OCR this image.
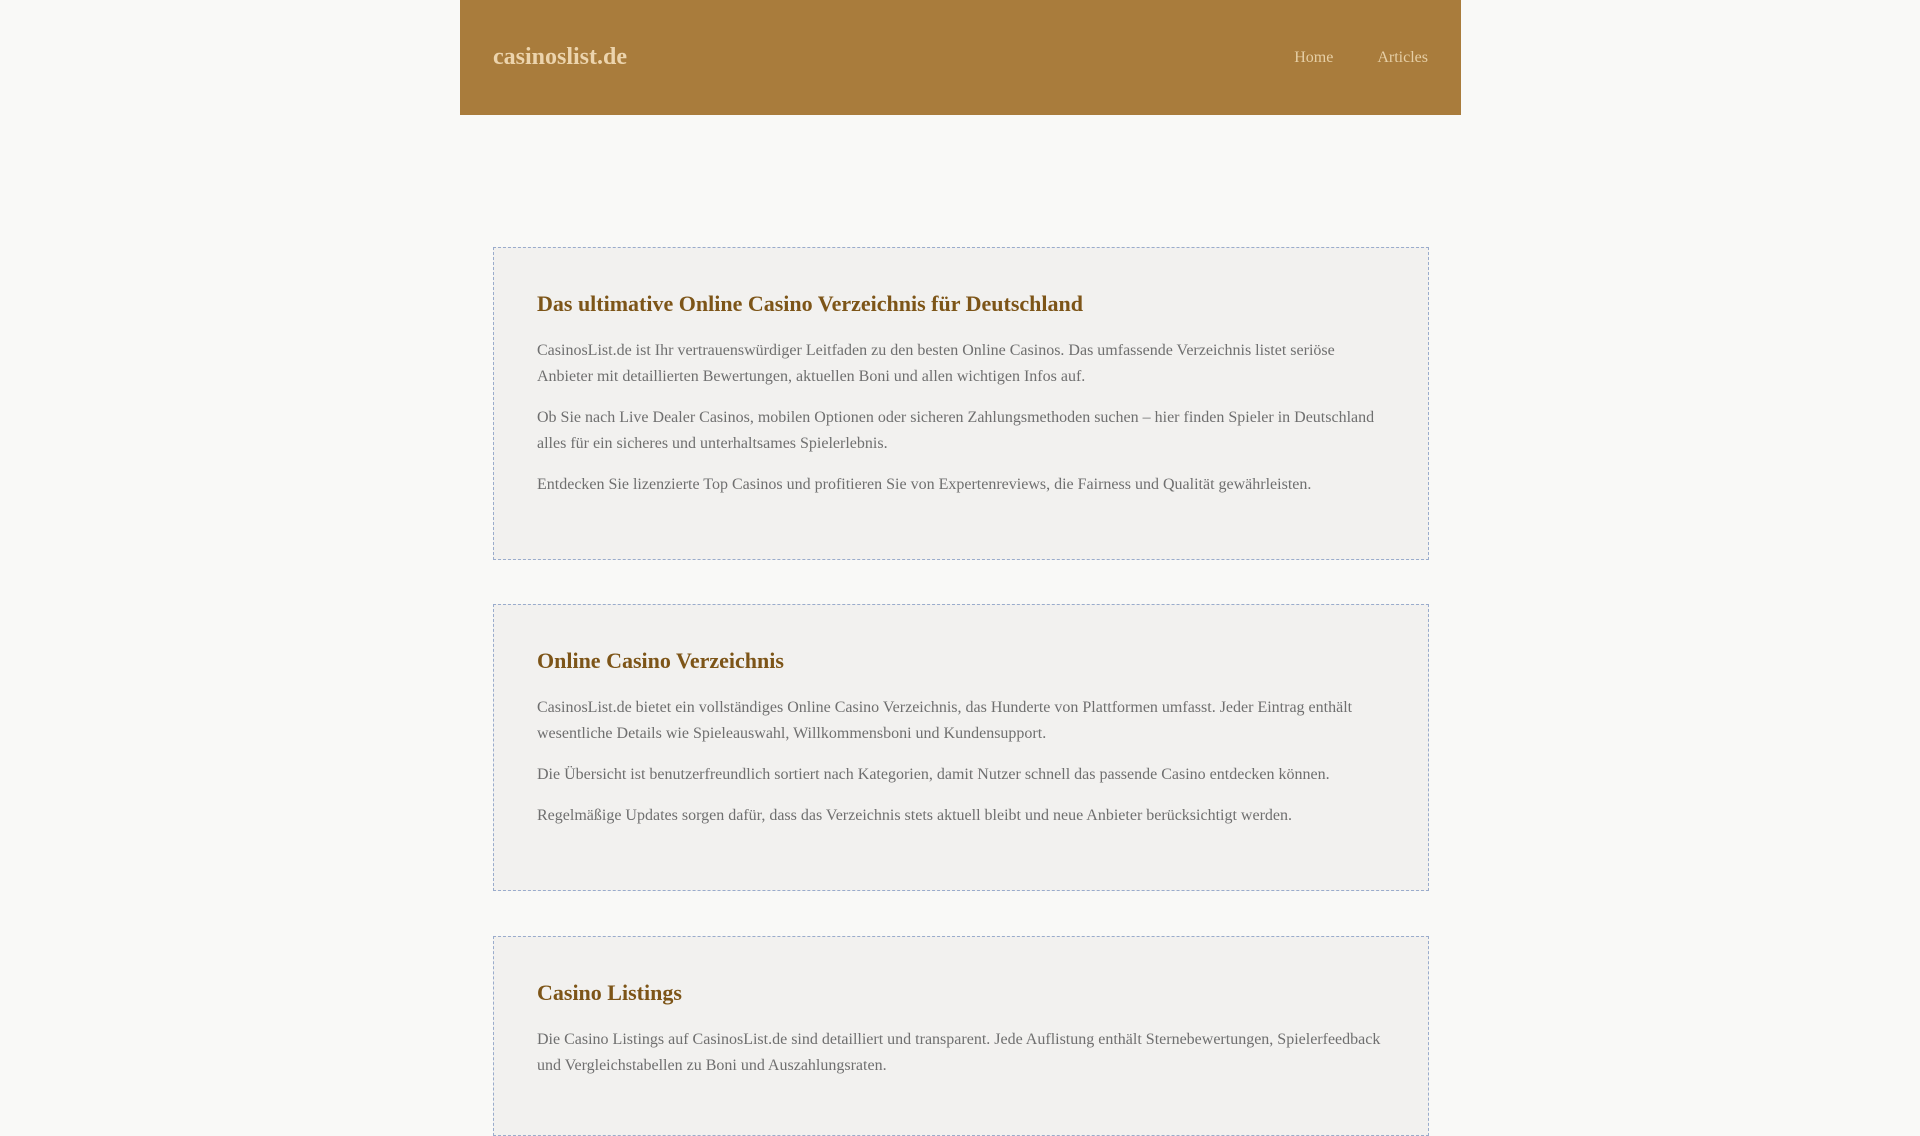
casinoslist.de	Home	Articles
Das ultimative Online Casino Verzeichnis für Deutschland

CasinosList.de ist Ihr vertrauenswürdiger Leitfaden zu den besten Online Casinos. Das umfassende Verzeichnis listet seriöse Anbieter mit detaillierten Bewertungen, aktuellen Boni und allen wichtigen Infos auf.

Ob Sie nach Live Dealer Casinos, mobilen Optionen oder sicheren Zahlungsmethoden suchen – hier finden Spieler in Deutschland alles für ein sicheres und unterhaltsames Spielerlebnis.

Entdecken Sie lizenzierte Top Casinos und profitieren Sie von Expertenreviews, die Fairness und Qualität gewährleisten.

Online Casino Verzeichnis

CasinosList.de bietet ein vollständiges Online Casino Verzeichnis, das Hunderte von Plattformen umfasst. Jeder Eintrag enthält wesentliche Details wie Spieleauswahl, Willkommensboni und Kundensupport.

Die Übersicht ist benutzerfreundlich sortiert nach Kategorien, damit Nutzer schnell das passende Casino entdecken können.

Regelmäßige Updates sorgen dafür, dass das Verzeichnis stets aktuell bleibt und neue Anbieter berücksichtigt werden.

Casino Listings

Die Casino Listings auf CasinosList.de sind detailliert und transparent. Jede Auflistung enthält Sternebewertungen, Spielerfeedback und Vergleichstabellen zu Boni und Auszahlungsraten.
